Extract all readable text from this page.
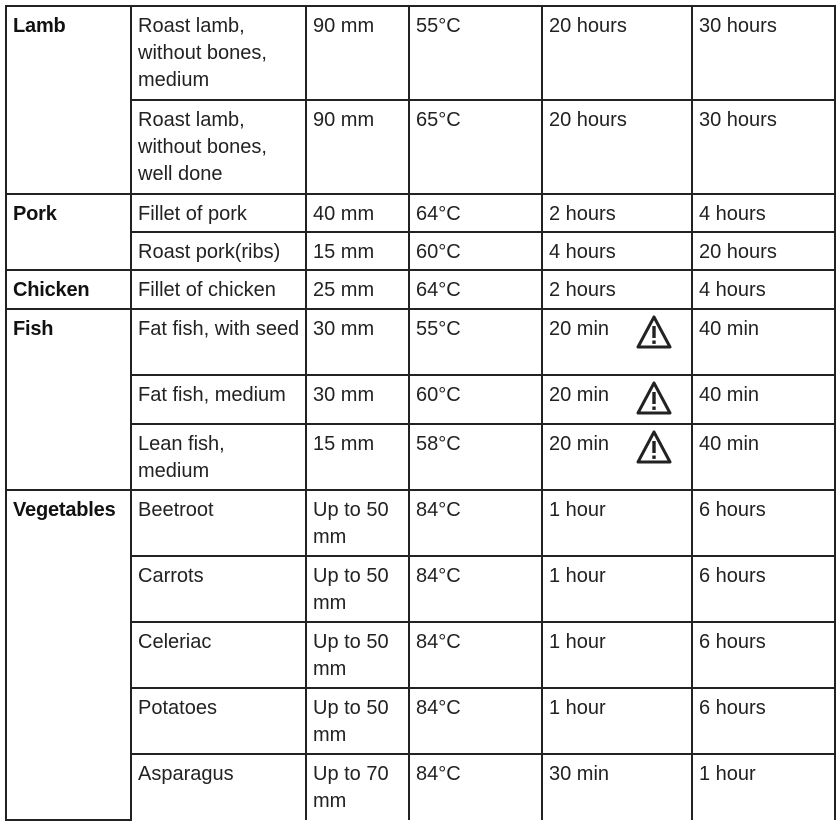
Lamb	Roast lamb, without bones, medium	90 mm	55°C	20 hours	30 hours
	Roast lamb, without bones, well done	90 mm	65°C	20 hours	30 hours
Pork	Fillet of pork	40 mm	64°C	2 hours	4 hours
	Roast pork(ribs)	15 mm	60°C	4 hours	20 hours
Chicken	Fillet of chicken	25 mm	64°C	2 hours	4 hours
Fish	Fat fish, with seed	30 mm	55°C	20 min	40 min
	Fat fish, medium	30 mm	60°C	20 min	40 min
	Lean fish, medium	15 mm	58°C	20 min	40 min
Vegetables	Beetroot	Up to 50 mm	84°C	1 hour	6 hours
	Carrots	Up to 50 mm	84°C	1 hour	6 hours
	Celeriac	Up to 50 mm	84°C	1 hour	6 hours
	Potatoes	Up to 50 mm	84°C	1 hour	6 hours
	Asparagus	Up to 70 mm	84°C	30 min	1 hour
